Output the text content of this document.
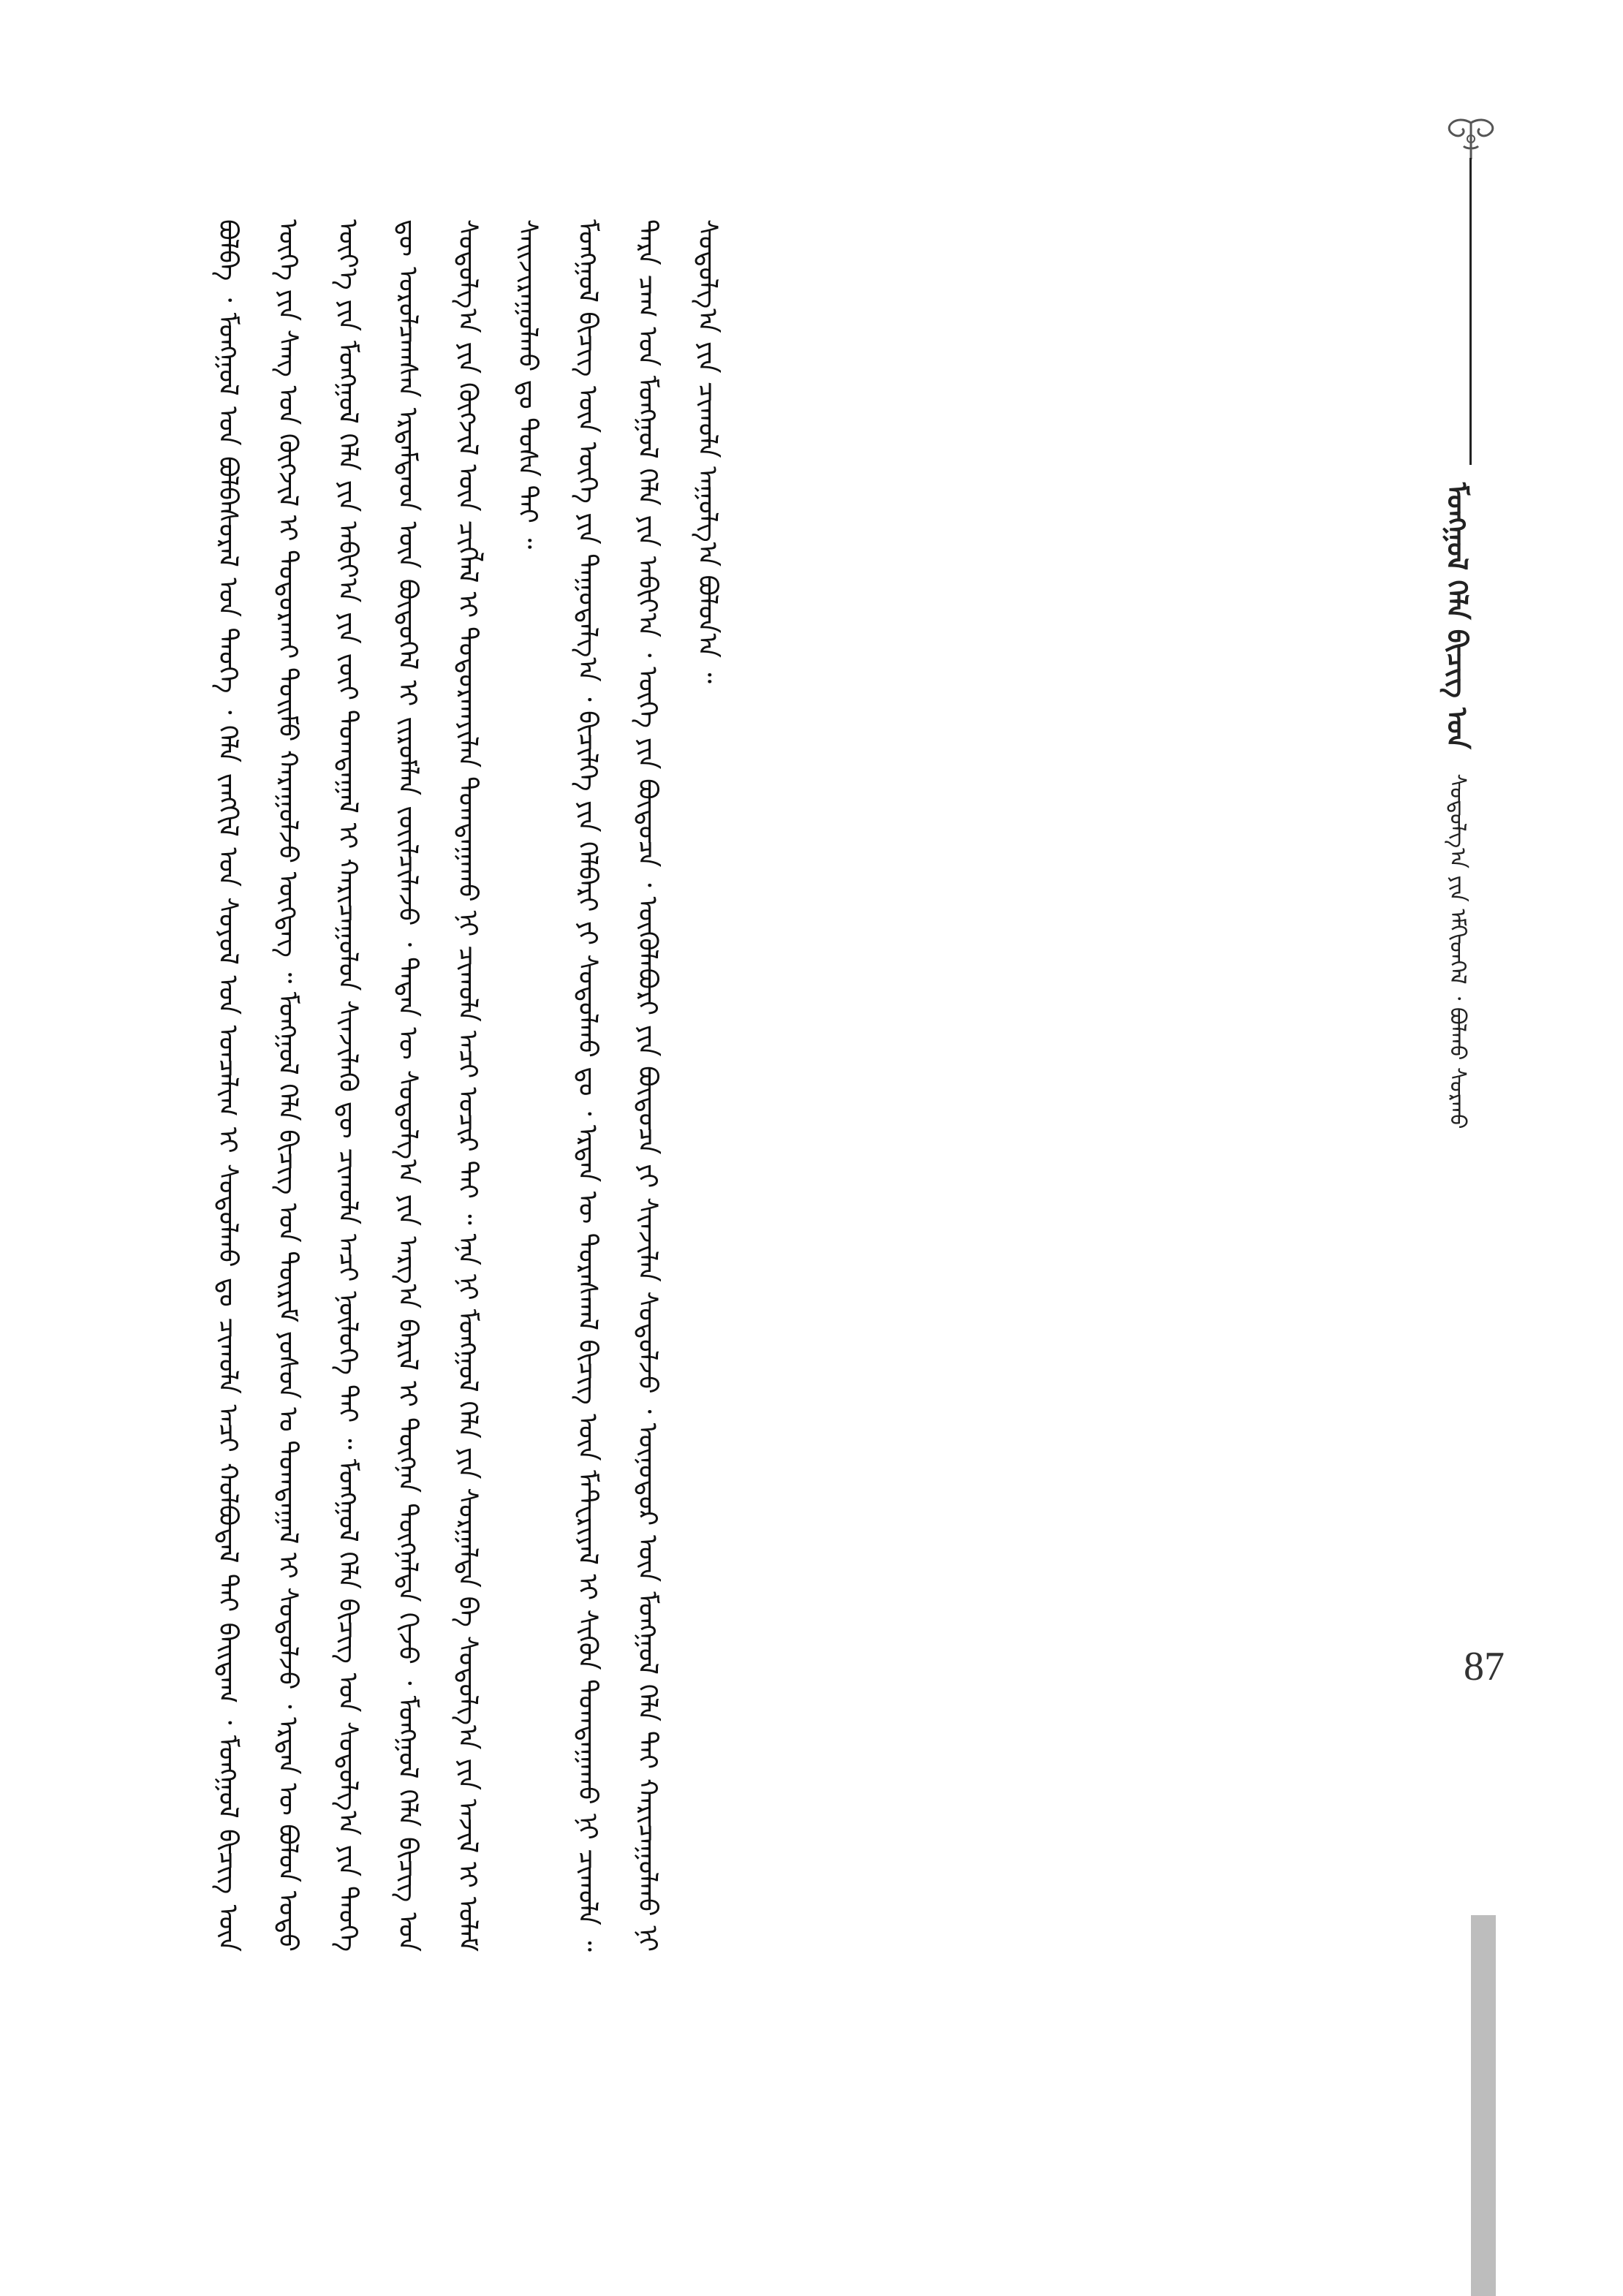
ᠮᠣᠩᠭᠣᠯ ᠬᠡᠯᠡ ᠪᠢᠴᠢᠭ ᠤᠨ ᠰᠤᠳᠤᠯᠭ᠎ᠠ ᠶᠢᠨ ᠡᠮᠬᠢᠳᠬᠡᠯ ᠂ ᠪᠤᠯᠬᠤ ᠰᠤᠷᠬᠤ

ᠪᠣᠯᠪᠠ ᠂ ᠮᠣᠩᠭᠣᠯ ᠤᠨ ᠪᠣᠯᠪᠠᠰᠤᠷᠠᠯ ᠤᠨ ᠲᠡᠦᠬᠡ ᠂ ᠬᠡᠯᠡ ᠵᠠᠩᠭᠢᠯ ᠤᠨ ᠰᠣᠶᠣᠯ ᠤᠨ ᠣᠨᠴᠠᠯᠢᠭ ᠢ ᠰᠤᠳᠤᠯᠬᠤ ᠳᠤ ᠴᠢᠬᠤᠯᠠ ᠠᠴᠢ ᠬᠣᠯᠪᠣᠳᠠᠯ ᠲᠠᠢ ᠪᠠᠢᠳᠠᠭ ᠂ ᠮᠣᠩᠭᠣᠯ ᠪᠢᠴᠢᠭ ᠦᠨ ᠦᠭᠡ ᠶᠢᠨ ᠰᠠᠩ ᠤᠨ ᠬᠥᠭᠵᠢᠯ ᠢ ᠲᠣᠳᠣᠷᠬᠠᠢ ᠲᠣᠢᠮᠣ ᠬᠠᠷᠠᠭᠤᠯᠵᠤ ᠥᠭᠳᠡᠭ ᠃ ᠮᠣᠩᠭᠣᠯ ᠬᠡᠯᠡ ᠪᠢᠴᠢᠭ ᠤᠨ ᠳᠦᠷᠢᠮ ᠶᠣᠰᠣᠨ ᠤ ᠲᠣᠭᠲᠠᠭᠠᠯ ᠢ ᠰᠤᠳᠤᠯᠵᠤ ᠂ ᠡᠷᠲᠡᠨ ᠦ ᠪᠣᠯᠤᠨ ᠣᠳᠣ ᠦᠶ᠎ᠡ ᠶᠢᠨ ᠮᠣᠩᠭᠣᠯ ᠬᠡᠯᠡ ᠶᠢᠨ ᠠᠪᠢᠶ᠎ᠠ ᠶᠢᠨ ᠵᠦᠢ ᠲᠣᠭᠲᠠᠭᠠᠯ ᠢ ᠬᠠᠷᠢᠴᠠᠭᠤᠯᠤᠨ ᠰᠢᠨᠵᠢᠯᠡᠬᠦ ᠳᠦ ᠴᠢᠬᠤᠯᠠ ᠠᠴᠢ ᠨᠥᠯᠥᠭᠡ ᠲᠠᠢ ᠃ ᠮᠣᠩᠭᠣᠯ ᠬᠡᠯᠡ ᠪᠢᠴᠢᠭ ᠤᠨ ᠰᠤᠳᠤᠯᠭ᠎ᠠ ᠶᠢᠨ ᠲᠡᠦᠬᠡ ᠳᠦ ᠣᠷᠣᠯᠴᠠᠭᠰᠠᠨ ᠡᠷᠳᠡᠮᠲᠡᠳ ᠦᠨ ᠪᠦᠲᠦᠭᠡᠯ ᠢ ᠵᠢᠷᠤᠮᠯᠠᠨ ᠵᠦᠢᠯᠴᠢᠯᠡᠵᠦ ᠂ ᠲᠡᠳᠡᠨ ᠦ ᠰᠤᠳᠤᠯᠭ᠎ᠠ ᠶᠢᠨ ᠠᠷᠭ᠎ᠠ ᠪᠠᠷᠢᠯ ᠢ ᠳᠦᠭᠨᠡᠨ ᠳᠦᠭᠨᠡᠯᠲᠡ ᠬᠢᠵᠦ ᠂ ᠮᠣᠩᠭᠣᠯ ᠬᠡᠯᠡ ᠪᠢᠴᠢᠭ ᠤᠨ ᠰᠤᠳᠤᠯᠭ᠎ᠠ ᠶᠢᠨ ᠬᠥᠭᠵᠢᠯ ᠦᠨ ᠴᠢᠭᠯᠡᠯ ᠢ ᠲᠣᠳᠣᠷᠬᠠᠶᠢᠯᠠᠨ ᠲᠣᠭᠲᠠᠭᠠᠬᠤ ᠨᠢ ᠴᠢᠬᠤᠯᠠ ᠠᠴᠢ ᠤᠴᠢᠷ ᠲᠠᠢ ᠃ ᠡᠨᠡ ᠨᠢ ᠮᠣᠩᠭᠣᠯ ᠬᠡᠯᠡ ᠶᠢᠨ ᠰᠤᠷᠭᠠᠯᠲᠠ ᠪᠠ ᠰᠤᠳᠤᠯᠭ᠎ᠠ ᠶᠢᠨ ᠠᠵᠢᠯ ᠢ ᠤᠯᠠᠮ ᠰᠠᠢᠵᠢᠷᠠᠭᠤᠯᠬᠤ ᠳᠤ ᠲᠤᠰᠠ ᠲᠠᠢ ᠃	ᠮᠣᠩᠭᠣᠯ ᠪᠢᠴᠢᠭ ᠦᠨ ᠦᠭᠡ ᠶᠢᠨ ᠳᠠᠭᠤᠳᠠᠯᠭ᠎ᠠ ᠂ ᠪᠢᠴᠢᠯᠭᠡ ᠶᠢᠨ ᠬᠡᠯᠪᠡᠷᠢ ᠶᠢ ᠰᠤᠳᠤᠯᠬᠤ ᠳᠤ ᠂ ᠡᠷᠲᠡᠨ ᠦ ᠳᠤᠷᠠᠰᠬᠠᠯ ᠪᠢᠴᠢᠭ ᠦᠨ ᠮᠠᠲ᠋ᠧᠷᠢᠶᠠᠯ ᠢ ᠰᠢᠭᠦᠨ ᠲᠣᠭᠲᠠᠭᠠᠬᠤ ᠨᠢ ᠴᠢᠬᠤᠯᠠ ᠃ ᠲᠡᠷᠡ ᠴᠠᠭ ᠤᠨ ᠮᠣᠩᠭᠣᠯ ᠬᠡᠯᠡ ᠶᠢᠨ ᠠᠪᠢᠶ᠎ᠠ ᠂ ᠦᠭᠡ ᠶᠢᠨ ᠪᠦᠲᠦᠴᠡ ᠂ ᠦᠭᠦᠯᠡᠪᠦᠷᠢ ᠶᠢᠨ ᠪᠦᠲᠦᠴᠡ ᠶᠢ ᠰᠢᠨᠵᠢᠯᠡᠨ ᠰᠤᠳᠤᠯᠵᠤ ᠂ ᠥᠨᠥᠳᠦᠷ ᠦᠨ ᠮᠣᠩᠭᠣᠯ ᠬᠡᠯᠡ ᠲᠡᠢ ᠬᠠᠷᠢᠴᠠᠭᠤᠯᠬᠤ ᠨᠢ ᠰᠤᠳᠤᠯᠭ᠎ᠠ ᠶᠢᠨ ᠴᠢᠬᠤᠯᠠ ᠠᠭᠤᠯᠭ᠎ᠠ ᠪᠣᠯᠣᠨ᠎ᠠ ᠃

87
